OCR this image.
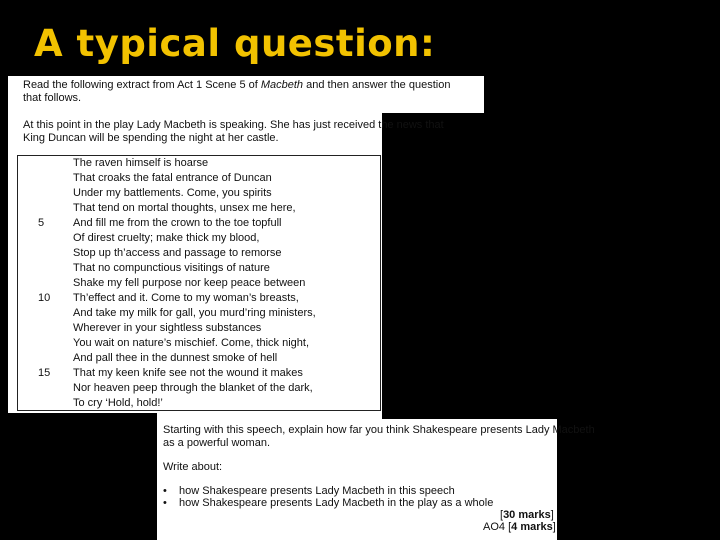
A typical question:
Read the following extract from Act 1 Scene 5 of Macbeth and then answer the question
that follows.
At this point in the play Lady Macbeth is speaking. She has just received the news that
King Duncan will be spending the night at her castle.
The raven himself is hoarse
That croaks the fatal entrance of Duncan
Under my battlements. Come, you spirits
That tend on mortal thoughts, unsex me here,
And fill me from the crown to the toe topfull
Of direst cruelty; make thick my blood,
Stop up th’access and passage to remorse
That no compunctious visitings of nature
Shake my fell purpose nor keep peace between
Th’effect and it. Come to my woman’s breasts,
And take my milk for gall, you murd’ring ministers,
Wherever in your sightless substances
You wait on nature’s mischief. Come, thick night,
And pall thee in the dunnest smoke of hell
That my keen knife see not the wound it makes
Nor heaven peep through the blanket of the dark,
To cry ‘Hold, hold!’
5
10
15
Starting with this speech, explain how far you think Shakespeare presents Lady Macbeth
as a powerful woman.
Write about:
• how Shakespeare presents Lady Macbeth in this speech
• how Shakespeare presents Lady Macbeth in the play as a whole
[30 marks]
AO4 [4 marks]
